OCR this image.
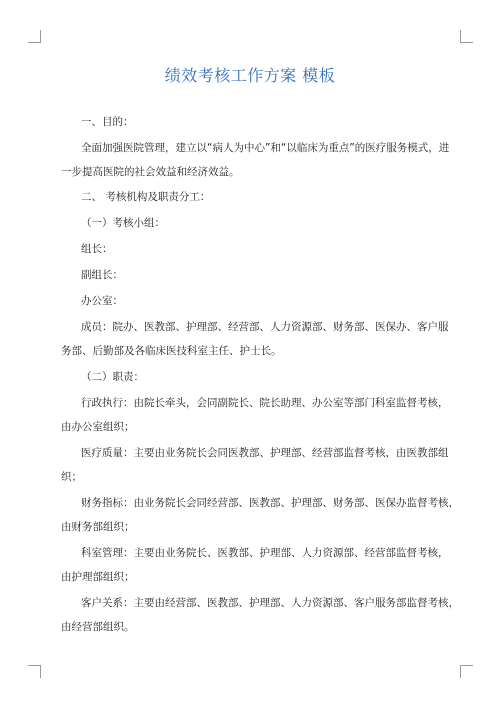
绩效考核工作方案 模板
一、目的：
全面加强医院管理，建立以“病人为中心”和“以临床为重点”的医疗服务模式，进
一步提高医院的社会效益和经济效益。
二、 考核机构及职责分工：
（一）考核小组：
组长：
副组长：
办公室：
成员：院办、医教部、护理部、经营部、人力资源部、财务部、医保办、客户服
务部、后勤部及各临床医技科室主任、护士长。
（二）职责：
行政执行：由院长牵头，会同副院长、院长助理、办公室等部门科室监督考核，
由办公室组织；
医疗质量：主要由业务院长会同医教部、护理部、经营部监督考核，由医教部组
织；
财务指标：由业务院长会同经营部、医教部、护理部、财务部、医保办监督考核，
由财务部组织；
科室管理：主要由业务院长、医教部、护理部、人力资源部、经营部监督考核，
由护理部组织；
客户关系：主要由经营部、医教部、护理部、人力资源部、客户服务部监督考核，
由经营部组织。
